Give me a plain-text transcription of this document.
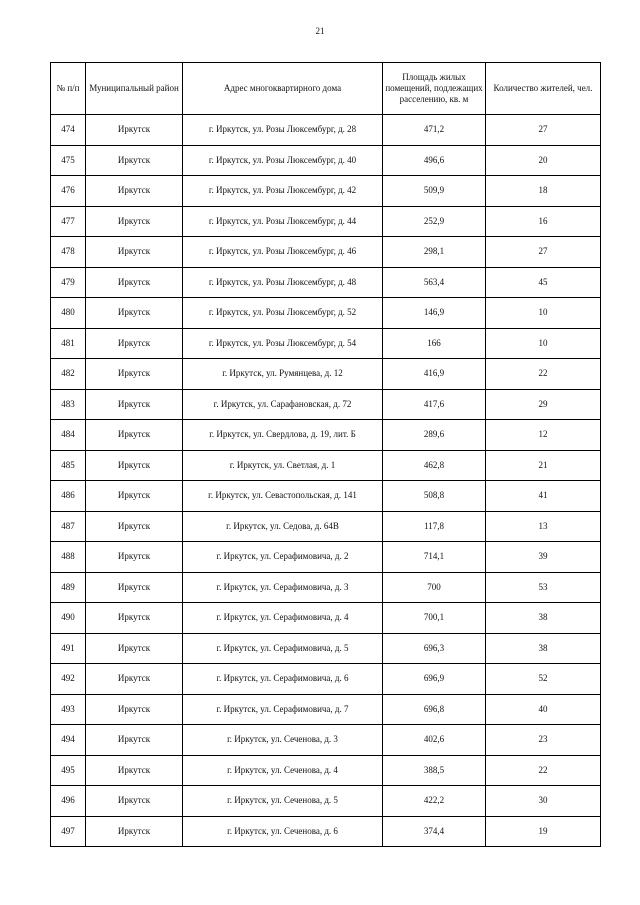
21
№ п/п	Муниципальный район	Адрес многоквартирного дома	Площадь жилых помещений, подлежащих расселению, кв. м	Количество жителей, чел.
474	Иркутск	г. Иркутск, ул. Розы Люксембург, д. 28	471,2	27
475	Иркутск	г. Иркутск, ул. Розы Люксембург, д. 40	496,6	20
476	Иркутск	г. Иркутск, ул. Розы Люксембург, д. 42	509,9	18
477	Иркутск	г. Иркутск, ул. Розы Люксембург, д. 44	252,9	16
478	Иркутск	г. Иркутск, ул. Розы Люксембург, д. 46	298,1	27
479	Иркутск	г. Иркутск, ул. Розы Люксембург, д. 48	563,4	45
480	Иркутск	г. Иркутск, ул. Розы Люксембург, д. 52	146,9	10
481	Иркутск	г. Иркутск, ул. Розы Люксембург, д. 54	166	10
482	Иркутск	г. Иркутск, ул. Румянцева, д. 12	416,9	22
483	Иркутск	г. Иркутск, ул. Сарафановская, д. 72	417,6	29
484	Иркутск	г. Иркутск, ул. Свердлова, д. 19, лит. Б	289,6	12
485	Иркутск	г. Иркутск, ул. Светлая, д. 1	462,8	21
486	Иркутск	г. Иркутск, ул. Севастопольская, д. 141	508,8	41
487	Иркутск	г. Иркутск, ул. Седова, д. 64В	117,8	13
488	Иркутск	г. Иркутск, ул. Серафимовича, д. 2	714,1	39
489	Иркутск	г. Иркутск, ул. Серафимовича, д. 3	700	53
490	Иркутск	г. Иркутск, ул. Серафимовича, д. 4	700,1	38
491	Иркутск	г. Иркутск, ул. Серафимовича, д. 5	696,3	38
492	Иркутск	г. Иркутск, ул. Серафимовича, д. 6	696,9	52
493	Иркутск	г. Иркутск, ул. Серафимовича, д. 7	696,8	40
494	Иркутск	г. Иркутск, ул. Сеченова, д. 3	402,6	23
495	Иркутск	г. Иркутск, ул. Сеченова, д. 4	388,5	22
496	Иркутск	г. Иркутск, ул. Сеченова, д. 5	422,2	30
497	Иркутск	г. Иркутск, ул. Сеченова, д. 6	374,4	19
